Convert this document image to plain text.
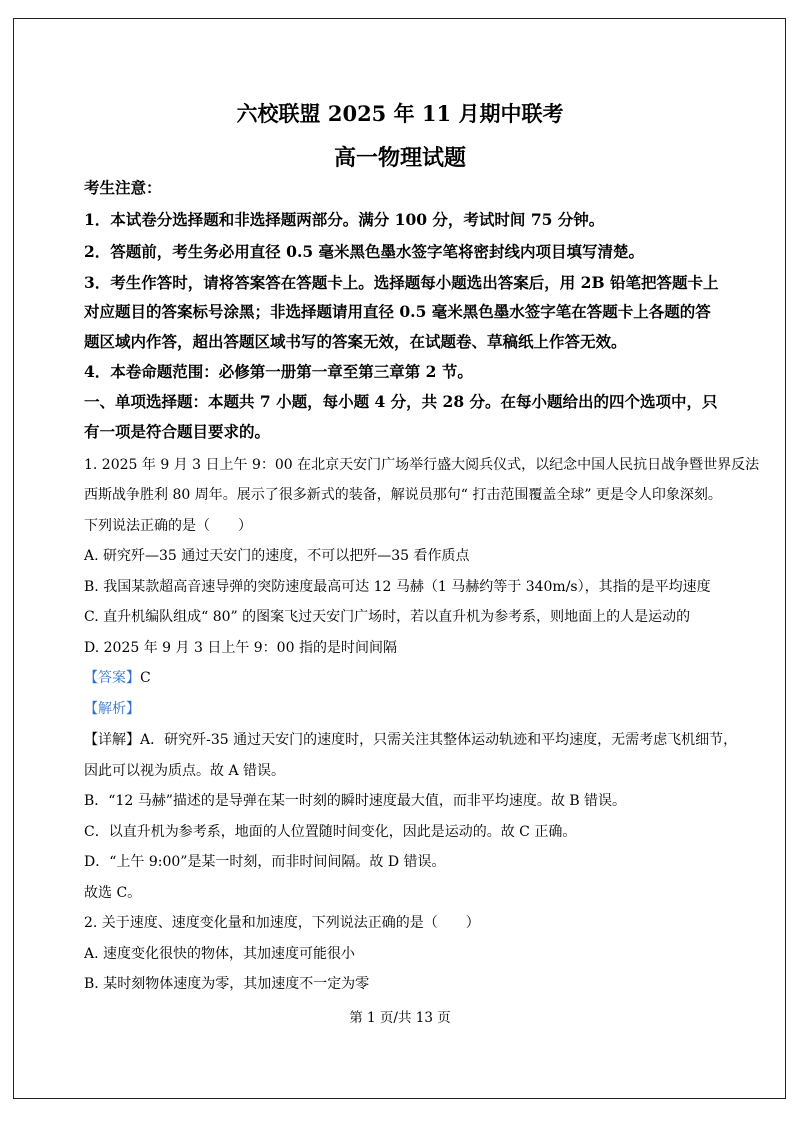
六校联盟 2025 年 11 月期中联考
高一物理试题
考生注意：
1．本试卷分选择题和非选择题两部分。满分 100 分，考试时间 75 分钟。
2．答题前，考生务必用直径 0.5 毫米黑色墨水签字笔将密封线内项目填写清楚。
3．考生作答时，请将答案答在答题卡上。选择题每小题选出答案后，用 2B 铅笔把答题卡上
对应题目的答案标号涂黑；非选择题请用直径 0.5 毫米黑色墨水签字笔在答题卡上各题的答
题区域内作答，超出答题区域书写的答案无效，在试题卷、草稿纸上作答无效。
4．本卷命题范围：必修第一册第一章至第三章第 2 节。
一、单项选择题：本题共 7 小题，每小题 4 分，共 28 分。在每小题给出的四个选项中，只
有一项是符合题目要求的。
1. 2025 年 9 月 3 日上午 9：00 在北京天安门广场举行盛大阅兵仪式，以纪念中国人民抗日战争暨世界反法
西斯战争胜利 80 周年。展示了很多新式的装备，解说员那句“ 打击范围覆盖全球” 更是令人印象深刻。
下列说法正确的是（　　）
A. 研究歼—35 通过天安门的速度，不可以把歼—35 看作质点
B. 我国某款超高音速导弹的突防速度最高可达 12 马赫（1 马赫约等于 340m/s），其指的是平均速度
C. 直升机编队组成“ 80” 的图案飞过天安门广场时，若以直升机为参考系，则地面上的人是运动的
D. 2025 年 9 月 3 日上午 9：00 指的是时间间隔
【答案】C
【解析】
【详解】A．研究歼-35 通过天安门的速度时，只需关注其整体运动轨迹和平均速度，无需考虑飞机细节，
因此可以视为质点。故 A 错误。
B．“12 马赫”描述的是导弹在某一时刻的瞬时速度最大值，而非平均速度。故 B 错误。
C．以直升机为参考系，地面的人位置随时间变化，因此是运动的。故 C 正确。
D．“上午 9:00”是某一时刻，而非时间间隔。故 D 错误。
故选 C。
2. 关于速度、速度变化量和加速度，下列说法正确的是（　　）
A. 速度变化很快的物体，其加速度可能很小
B. 某时刻物体速度为零，其加速度不一定为零
第 1 页/共 13 页
